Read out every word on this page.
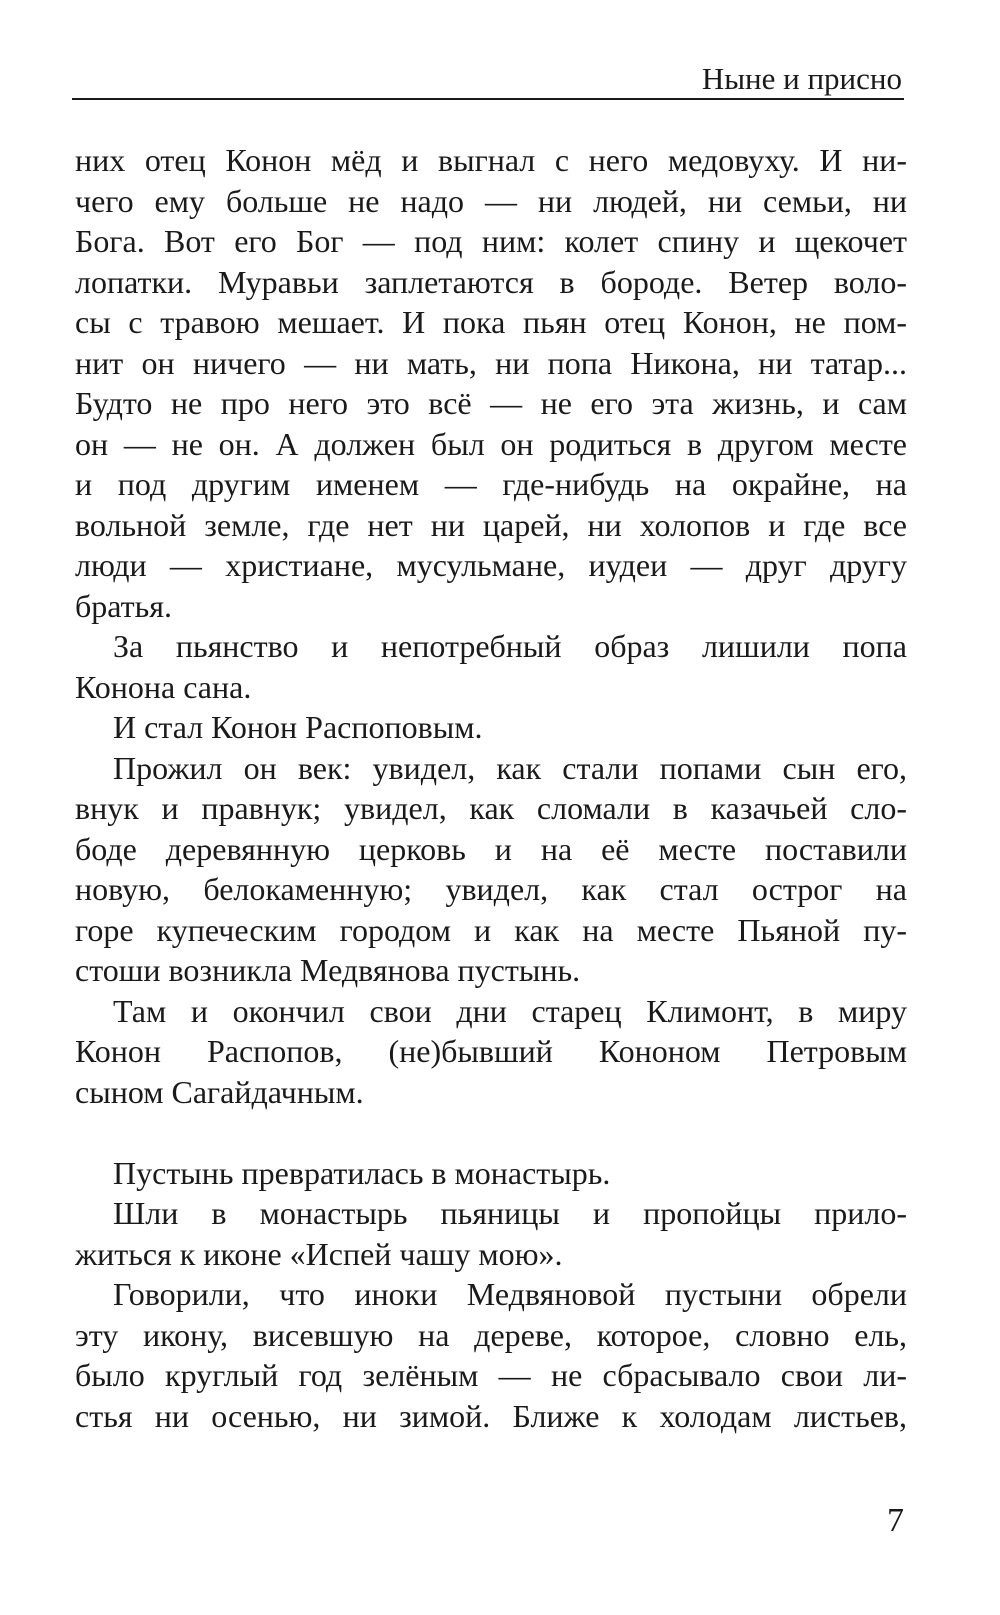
Ныне и присно
них отец Конон мёд и выгнал с него медовуху. И ни-
чего ему больше не надо — ни людей, ни семьи, ни
Бога. Вот его Бог — под ним: колет спину и щекочет
лопатки. Муравьи заплетаются в бороде. Ветер воло-
сы с травою мешает. И пока пьян отец Конон, не пом-
нит он ничего — ни мать, ни попа Никона, ни татар...
Будто не про него это всё — не его эта жизнь, и сам
он — не он. А должен был он родиться в другом месте
и под другим именем — где-нибудь на окрайне, на
вольной земле, где нет ни царей, ни холопов и где все
люди — христиане, мусульмане, иудеи — друг другу
братья.
За пьянство и непотребный образ лишили попа
Конона сана.
И стал Конон Распоповым.
Прожил он век: увидел, как стали попами сын его,
внук и правнук; увидел, как сломали в казачьей сло-
боде деревянную церковь и на её месте поставили
новую, белокаменную; увидел, как стал острог на
горе купеческим городом и как на месте Пьяной пу-
стоши возникла Медвянова пустынь.
Там и окончил свои дни старец Климонт, в миру
Конон Распопов, (не)бывший Кононом Петровым
сыном Сагайдачным.
Пустынь превратилась в монастырь.
Шли в монастырь пьяницы и пропойцы прило-
житься к иконе «Испей чашу мою».
Говорили, что иноки Медвяновой пустыни обрели
эту икону, висевшую на дереве, которое, словно ель,
было круглый год зелёным — не сбрасывало свои ли-
стья ни осенью, ни зимой. Ближе к холодам листьев,
7
